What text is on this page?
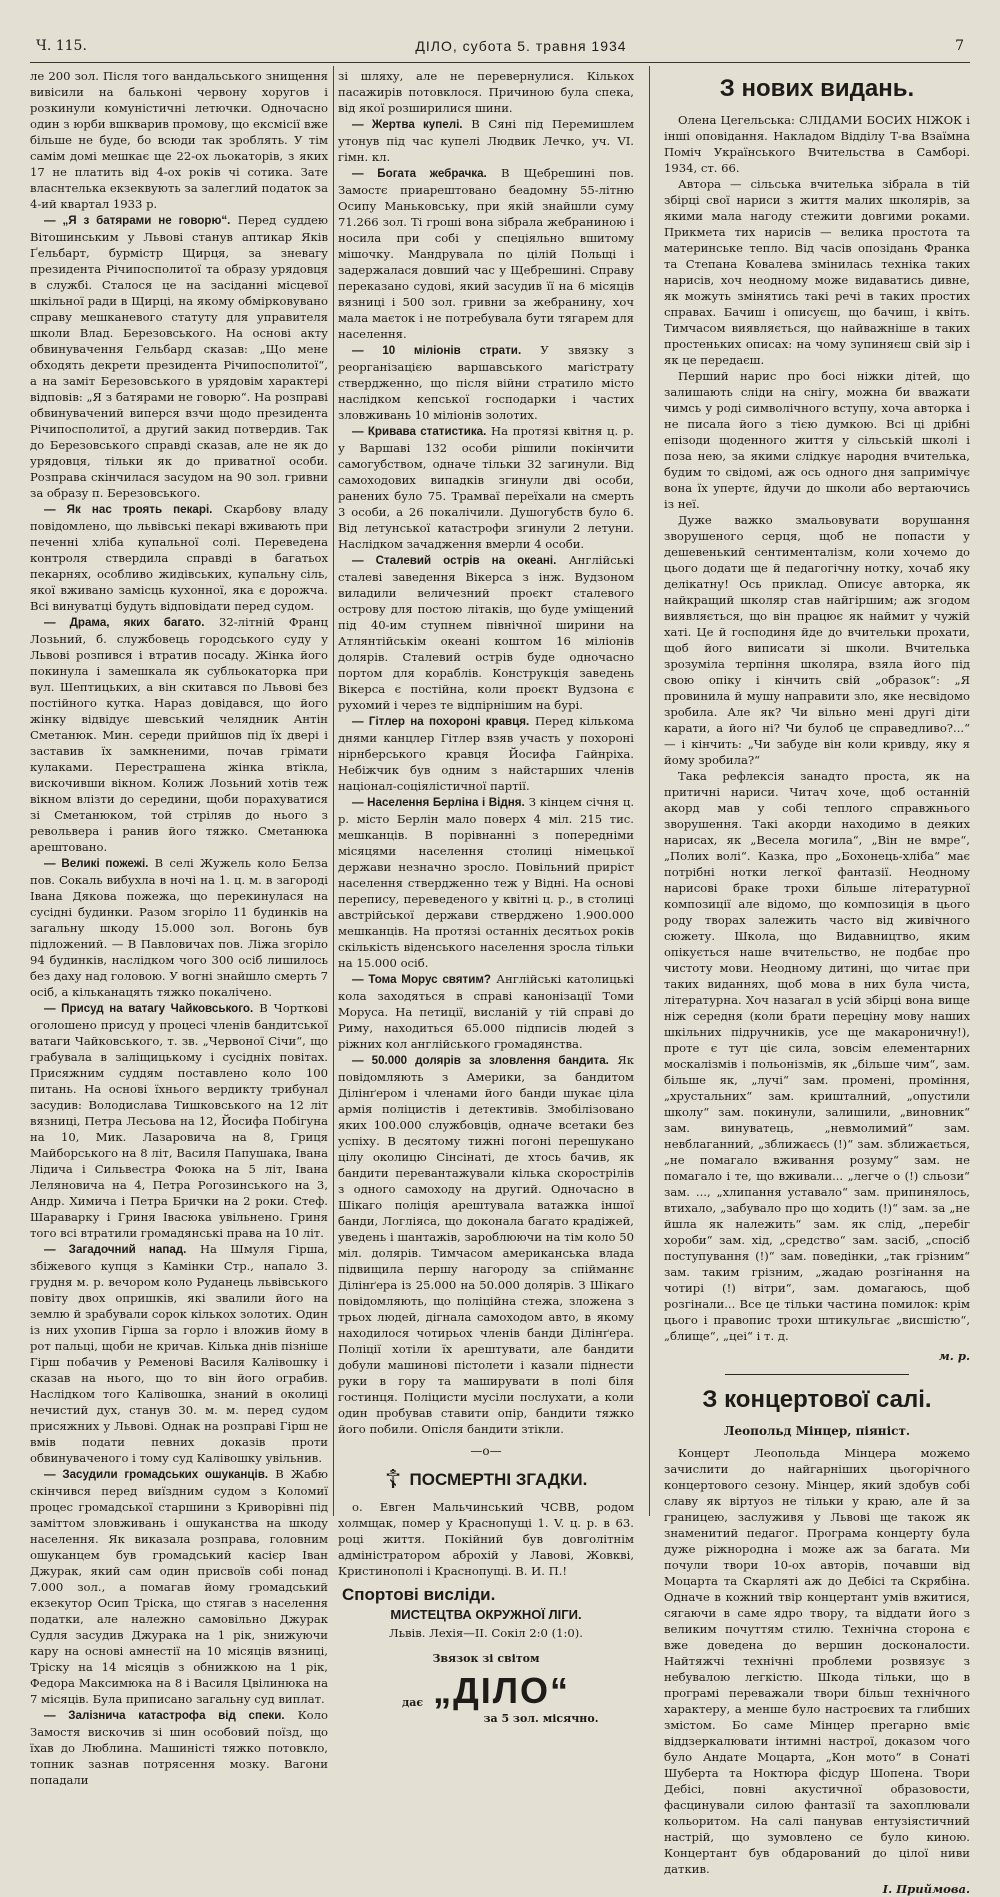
Ч. 115.	ДІЛО, субота 5. травня 1934	7

ле 200 зол. Після того вандальського знищення вивісили на бальконі червону хоругов і розкинули комуністичні летючки. Одночасно один з юрби вшкварив промову, що ексмісії вже більше не буде, бо всюди так зроблять. У тім самім домі мешкає ще 22-ох льокаторів, з яких 17 не платить від 4-ох років чі сотика. Зате власнтелька екзеквують за залеглий податок за 4-ий квартал 1933 р.

— „Я з батярами не говорю“. Перед суддею Вітошинським у Львові станув аптикар Яків Ґельбарт, бурмістр Щирця, за зневагу президента Річипосполитої та образу урядовця в службі. Сталося це на засіданні місцевої шкільної ради в Щирці, на якому обмірковувано справу мешканевого статуту для управителя школи Влад. Березовського. На основі акту обвинувачення Гельбард сказав: „Що мене обходять декрети президента Річипосполитої“, а на заміт Березовського в урядовім характері відповів: „Я з батярами не говорю“. На розправі обвинувачений виперся взчи щодо президента Річипосполитої, а другий закид потвердив. Так до Березовського справді сказав, але не як до урядовця, тільки як до приватної особи. Розправа скінчилася засудом на 90 зол. гривни за образу п. Березовського.

— Як нас троять пекарі. Скарбову владу повідомлено, що львівські пекарі вживають при печенні хліба купальної солі. Переведена контроля ствердила справді в багатьох пекарнях, особливо жидівських, купальну сіль, якої вживано замісць кухонної, яка є дорожча. Всі винуватці будуть відповідати перед судом.

— Драма, яких багато. 32-літній Франц Лозьний, б. службовець городського суду у Львові розпився і втратив посаду. Жінка його покинула і замешкала як субльокаторка при вул. Шептицьких, а він скитався по Львові без постійного кутка. Нараз довідався, що його жінку відвідує шевський челядник Антін Сметанюк. Мин. середи прийшов під їх двері і заставив їх замкненими, почав грімати кулаками. Перестрашена жінка втікла, вискочивши вікном. Колиж Лозьний хотів теж вікном влізти до середини, щоби порахуватися зі Сметанюком, той стріляв до нього з револьвера і ранив його тяжко. Сметанюка арештовано.

— Великі пожежі. В селі Жужель коло Белза пов. Сокаль вибухла в ночі на 1. ц. м. в загороді Івана Дякова пожежа, що перекинулася на сусідні будинки. Разом згоріло 11 будинків на загальну шкоду 15.000 зол. Вогонь був підложений. — В Павловичах пов. Ліжа згоріло 94 будинків, наслідком чого 300 осіб лишилось без даху над головою. У вогні знайшло смерть 7 осіб, а кільканацять тяжко покалічено.

— Присуд на ватагу Чайковського. В Чорткові оголошено присуд у процесі членів бандитської ватаги Чайковського, т. зв. „Червоної Січи“, що грабувала в заліщицькому і сусідніх повітах. Присяжним суддям поставлено коло 100 питань. На основі їхнього вердикту трибунал засудив: Володислава Тишковського на 12 літ вязниці, Петра Лесьова на 12, Йосифа Побігуна на 10, Мик. Лазаровича на 8, Гриця Майборського на 8 літ, Василя Папушака, Івана Лідича і Сильвестра Фоюка на 5 літ, Івана Леляновича на 4, Петра Рогозинського на 3, Андр. Химича і Петра Брички на 2 роки. Стеф. Шараварку і Гриня Івасюка увільнено. Гриня того всі втратили громадянські права на 10 літ.

— Загадочний напад. На Шмуля Гірша, збіжевого купця з Камінки Стр., напало 3. грудня м. р. вечором коло Руданець львівського повіту двох опришків, які звалили його на землю й зрабували сорок кількох золотих. Один із них ухопив Гірша за горло і вложив йому в рот пальці, щоби не кричав. Кілька днів пізніше Гірш побачив у Ременові Василя Калівошку і сказав на нього, що то він його ограбив. Наслідком того Калівошка, знаний в околиці нечистий дух, станув 30. м. м. перед судом присяжних у Львові. Однак на розправі Гірш не вмів подати певних доказів проти обвинуваченого і тому суд Калівошку увільнив.

— Засудили громадських ошуканців. В Жабю скінчився перед виїздним судом з Коломиї процес громадської старшини з Криворівні під заміттом зловживань і ошуканства на шкоду населення. Як виказала розправа, головним ошуканцем був громадський касієр Іван Джурак, який сам один присвоїв собі понад 7.000 зол., а помагав йому громадський екзекутор Осип Трiска, що стягав з населення податки, але належно самовільно Джурак Судля засудив Джурака на 1 рік, знижуючи кару на основі амнестії на 10 місяців вязниці, Тріску на 14 місяців з обнижкою на 1 рік, Федора Максимюка на 8 і Василя Цвілинюка на 7 місяців. Була приписано загальну суд виплат.

— Залізнича катастрофа від спеки. Коло Замостя вискочив зі шин особовий поїзд, що їхав до Люблина. Машиністі тяжко потовкло, топник зазнав потрясення мозку. Вагони попадали

зі шляху, але не перевернулися. Кількох пасажирів потовклося. Причиною була спека, від якої розширилися шини.

— Жертва купелі. В Сяні під Перемишлем утонув під час купелі Людвик Лечко, уч. VI. гімн. кл.

— Богата жебрачка. В Щебрешині пов. Замостє приарештовано беадомну 55-літню Осипу Маньковську, при якій знайшли суму 71.266 зол. Ті гроші вона зібрала жебраниною і носила при собі у спеціяльно вшитому мішочку. Мандрувала по цілій Польщі і задержалася довший час у Щебрешині. Справу переказано судові, який засудив її на 6 місяців вязниці і 500 зол. гривни за жебранину, хоч мала маєток і не потребувала бути тягарем для населення.

— 10 міліонів страти. У звязку з реорганізацією варшавського магістрату ствердженно, що після війни стратило місто наслідком кепської господарки і частих зловживань 10 міліонів золотих.

— Кривава статистика. На протязі квітня ц. р. у Варшаві 132 особи рішили покінчити самогубством, одначе тільки 32 загинули. Від самоходових випадків згинули дві особи, ранених було 75. Трамваї переїхали на смерть 3 особи, а 26 покалічили. Душогубств було 6. Від летунської катастрофи згинули 2 летуни. Наслідком зачадження вмерли 4 особи.

— Сталевий острів на океані. Англійські сталеві заведення Вікерса з інж. Вудзоном виладили величезний проєкт сталевого острову для постою літаків, що буде уміщений під 40-им ступнем північної ширини на Атлянтійськім океані коштом 16 міліонів долярів. Сталевий острів буде одночасно портом для кораблів. Конструкція заведень Вікерса є постійна, коли проєкт Вудзона є рухомий і через те відпірнішим на бурі.

— Гітлер на похороні кравця. Перед кількома днями канцлер Гітлер взяв участь у похороні нірнберського кравця Йосифа Гайнріха. Небіжчик був одним з найстарших членів націонал-соціялістичної партії.

— Населення Берліна і Відня. З кінцем січня ц. р. місто Берлін мало поверх 4 міл. 215 тис. мешканців. В порівнанні з попередніми місяцями населення столиці німецької держави незначно зросло. Повільний приріст населення ствердженно теж у Відні. На основі перепису, переведеного у квітні ц. р., в столиці австрійської держави стверджено 1.900.000 мешканців. На протязі останніх десятьох років скількість віденського населення зросла тільки на 15.000 осіб.

— Тома Морус святим? Англійські католицькі кола заходяться в справі канонізації Томи Моруса. На петиції, висланій у тій справі до Риму, находиться 65.000 підписів людей з ріжних кол англійського громадянства.

— 50.000 долярів за зловлення бандита. Як повідомляють з Америки, за бандитом Ділінґером і членами його банди шукає ціла армія поліцистів і детективів. Змобілізовано яких 100.000 службовців, одначе всетаки без успіху. В десятому тижні погоні перешукано цілу околицю Сінсінаті, де хтось бачив, як бандити перевантажували кілька скорострілів з одного самоходу на другий. Одночасно в Шікаго поліція арештувала ватажка іншої банди, Логліяса, що доконала багато крадіжей, уведень і шантажів, зароблюючи на тім коло 50 міл. долярів. Тимчасом американська влада підвищила першу нагороду за спійманнє Ділінґера із 25.000 на 50.000 долярів. З Шікаго повідомляють, що поліційна стежа, зложена з трьох людей, дігнала самоходом авто, в якому находилося чотирьох членів банди Ділінґера. Поліції хотіли їх арештувати, але бандити добули машинові пістолети і казали піднести руки в гору та маширувати в полі біля гостинця. Поліцисти мусіли послухати, а коли один пробував ставити опір, бандити тяжко його побили. Опісля бандити зтікли.

—о—
☦ ПОСМЕРТНІ ЗГАДКИ.

о. Евген Мальчинський ЧСВВ, родом холмщак, помер у Краснопущі 1. V. ц. р. в 63. році життя. Покійний був довголітнім адміністратором аброхій у Лавові, Жовкві, Кристинополі і Краснопущі. В. И. П.!

Спортові висліди.
МИСТЕЦТВА ОКРУЖНОЇ ЛІГИ.
Львів. Лехія—II. Сокіл 2:0 (1:0).
Звязок зі світом
дає „ДІЛО“
за 5 зол. місячно.
З нових видань.

Олена Цегельська: СЛІДАМИ БОСИХ НІЖОК і інші оповідання. Накладом Відділу Т-ва Взаїмна Поміч Українського Вчительства в Самборі. 1934, ст. 66.

Автора — сільська вчителька зібрала в тій збірці свої нариси з життя малих школярів, за якими мала нагоду стежити довгими роками. Прикмета тих нарисів — велика простота та материнське тепло. Від часів опозідань Франка та Степана Ковалева змінилась техніка таких нарисів, хоч неодному може видаватись дивне, як можуть змінятись такі речі в таких простих справах. Бачиш і описуєш, що бачиш, і квіть. Тимчасом виявляється, що найважніше в таких простеньких описах: на чому зупиняєш свій зір і як це передаєш.

Перший нарис про босі ніжки дітей, що залишають сліди на снігу, можна би вважати чимсь у роді символічного вступу, хоча авторка і не писала його з тією думкою. Всі ці дрібні епізоди щоденного життя у сільській школі і поза нею, за якими слідкує народня вчителька, будим то свідомі, аж ось одного дня запримічує вона їх упертє, йдучи до школи або вертаючись із неї.

Дуже важко змальовувати ворушання зворушеного серця, щоб не попасти у дешевенький сентименталізм, коли хочемо до цього додати ще й педагогічну нотку, хочаб яку делікатну! Ось приклад. Описує авторка, як найкращий школяр став найгіршим; аж згодом виявляється, що він працює як наймит у чужій хаті. Це й господиня йде до вчительки прохати, щоб його виписати зі школи. Вчителька зрозуміла терпіння школяра, взяла його під свою опіку і кінчить свій „образок“: „Я провинила й мушу направити зло, яке несвідомо зробила. Але як? Чи вільно мені другі діти карати, а його ні? Чи булоб це справедливо?...“ — і кінчить: „Чи забуде він коли кривду, яку я йому зробила?“

Така рефлексія занадто проста, як на притичні нариси. Читач хоче, щоб останній акорд мав у собі теплого справжнього зворушення. Такі акорди находимо в деяких нарисах, як „Весела могила“, „Він не вмре“, „Полих волі“. Казка, про „Бохонець-хліба“ має потрібні нотки легкої фантазії. Неодному нарисові браке трохи більше літературної композиції але відомо, що композиція в цього роду творах залежить часто від живічного сюжету. Школа, що Видавництво, яким опікується наше вчительство, не подбає про чистоту мови. Неодному дитині, що читає при таких виданнях, щоб мова в них була чиста, літературна. Хоч назагал в усій збірці вона вище ніж середня (коли брати переціну мову наших шкільних підручників, усе ще макароничну!), проте є тут ціє сила, зовсім елементарних москалізмів і польонізмів, як „більше чим“, зам. більше як, „лучі“ зам. промені, проміння, „хрустальних“ зам. кришталний, „опустили школу“ зам. покинули, залишили, „виновник“ зам. винуватець, „невмолимий“ зам. невблаганний, „зближаєсь (!)“ зам. зближається, „не помагало вживання розуму“ зам. не помагало і те, що вживали... „легче о (!) сльози“ зам. ..., „хлипання уставало“ зам. припинялось, втихало, „забувало про що ходить (!)“ зам. за „не йшла як належить“ зам. як слід, „перебіг хороби“ зам. хід, „средство“ зам. засіб, „спосіб поступування (!)“ зам. поведінки, „так грізним“ зам. таким грізним, „жадаю розгінання на чотирі (!) вітри“, зам. домагаюсь, щоб розгінали... Все це тільки частина помилок: крім цього і правопис трохи штикульгає „висшістю“, „блище“, „цеі“ і т. д.

м. р.
З концертової салі.
Леопольд Мінцер, піяніст.

Концерт Леопольда Мінцера можемо зачислити до найгарніших цьогорічного концертового сезону. Мінцер, який здобув собі славу як віртуоз не тільки у краю, але й за границею, заслуживя у Львові ще також як знаменитий педагог. Програма концерту була дуже ріжнородна і може аж за багата. Ми почули твори 10-ох авторів, почавши від Моцарта та Скарляті аж до Дебісі та Скрябіна. Одначе в кожний твір концертант умів вжитися, сягаючи в саме ядро твору, та віддати його з великим почуттям стилю. Технічна сторона є вже доведена до вершин досконалости. Найтяжчі технічні проблеми розвязує з небувалою легкістю. Шкода тільки, що в програмі переважали твори більш технічного характеру, а менше було настроєвих та глибших змістом. Бо саме Мінцер прегарно вміє віддзеркалювати інтимні настрої, доказом чого було Андате Моцарта, „Кон мото“ в Сонаті Шуберта та Ноктюра фісдур Шопена. Твори Дебісі, повні акустичної образовости, фасцинували силою фантазії та захоплювали кольоритом. На салі панував ентузіястичний настрій, що зумовлено се було киною. Концертант був обдарований до цілої ниви даткив.

І. Приймова.
